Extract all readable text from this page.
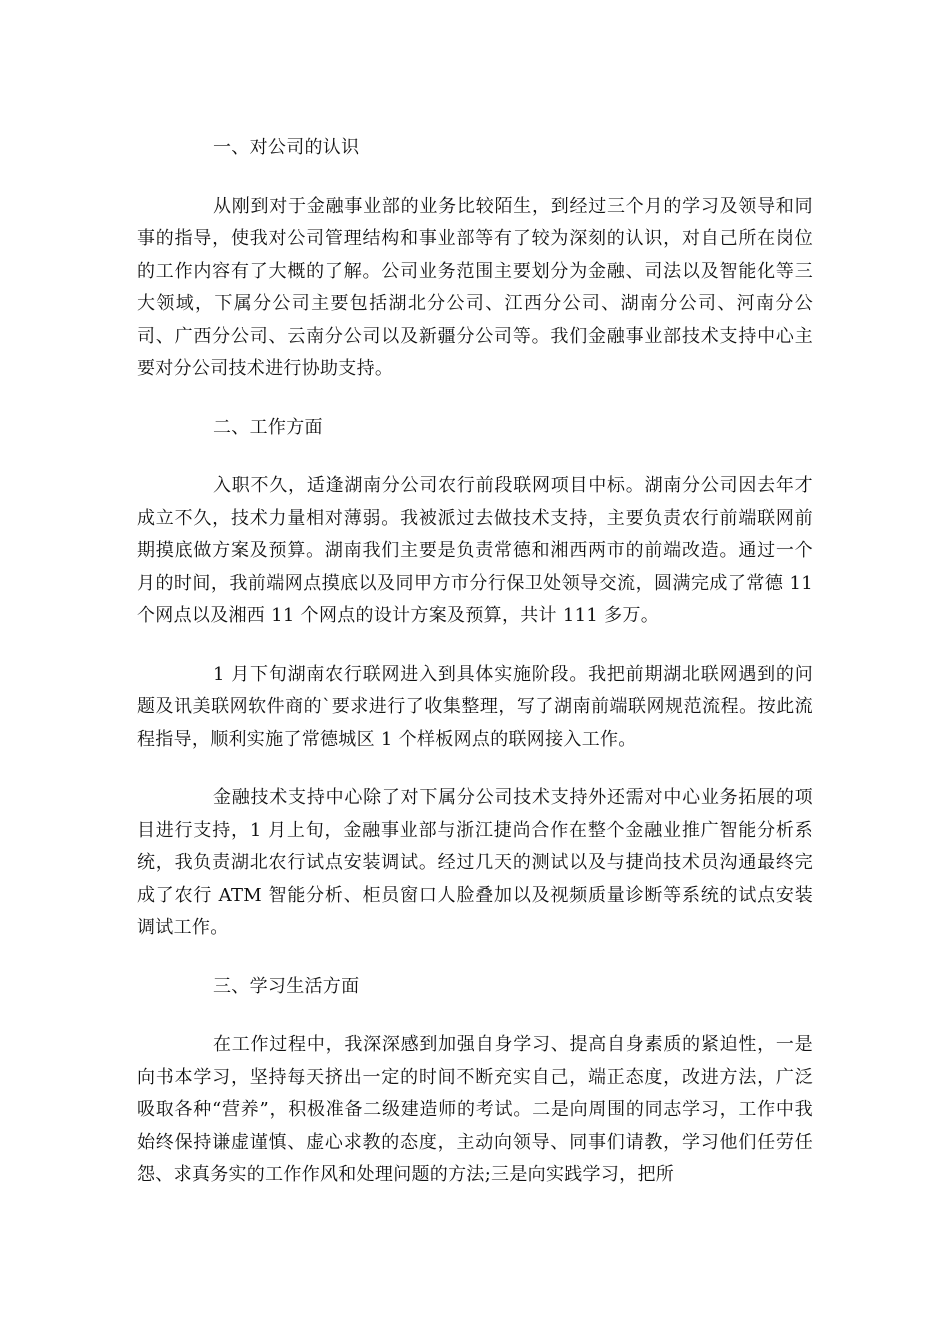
一、对公司的认识

从刚到对于金融事业部的业务比较陌生，到经过三个月的学习及领导和同事的指导，使我对公司管理结构和事业部等有了较为深刻的认识，对自己所在岗位的工作内容有了大概的了解。公司业务范围主要划分为金融、司法以及智能化等三大领域，下属分公司主要包括湖北分公司、江西分公司、湖南分公司、河南分公司、广西分公司、云南分公司以及新疆分公司等。我们金融事业部技术支持中心主要对分公司技术进行协助支持。

二、工作方面

入职不久，适逢湖南分公司农行前段联网项目中标。湖南分公司因去年才成立不久，技术力量相对薄弱。我被派过去做技术支持，主要负责农行前端联网前期摸底做方案及预算。湖南我们主要是负责常德和湘西两市的前端改造。通过一个月的时间，我前端网点摸底以及同甲方市分行保卫处领导交流，圆满完成了常德 11 个网点以及湘西 11 个网点的设计方案及预算，共计 111 多万。

1 月下旬湖南农行联网进入到具体实施阶段。我把前期湖北联网遇到的问题及讯美联网软件商的`要求进行了收集整理，写了湖南前端联网规范流程。按此流程指导，顺利实施了常德城区 1 个样板网点的联网接入工作。

金融技术支持中心除了对下属分公司技术支持外还需对中心业务拓展的项目进行支持，1 月上旬，金融事业部与浙江捷尚合作在整个金融业推广智能分析系统，我负责湖北农行试点安装调试。经过几天的测试以及与捷尚技术员沟通最终完成了农行 ATM 智能分析、柜员窗口人脸叠加以及视频质量诊断等系统的试点安装调试工作。

三、学习生活方面

在工作过程中，我深深感到加强自身学习、提高自身素质的紧迫性，一是向书本学习，坚持每天挤出一定的时间不断充实自己，端正态度，改进方法，广泛吸取各种“营养”，积极准备二级建造师的考试。二是向周围的同志学习，工作中我始终保持谦虚谨慎、虚心求教的态度，主动向领导、同事们请教，学习他们任劳任怨、求真务实的工作作风和处理问题的方法;三是向实践学习，把所
